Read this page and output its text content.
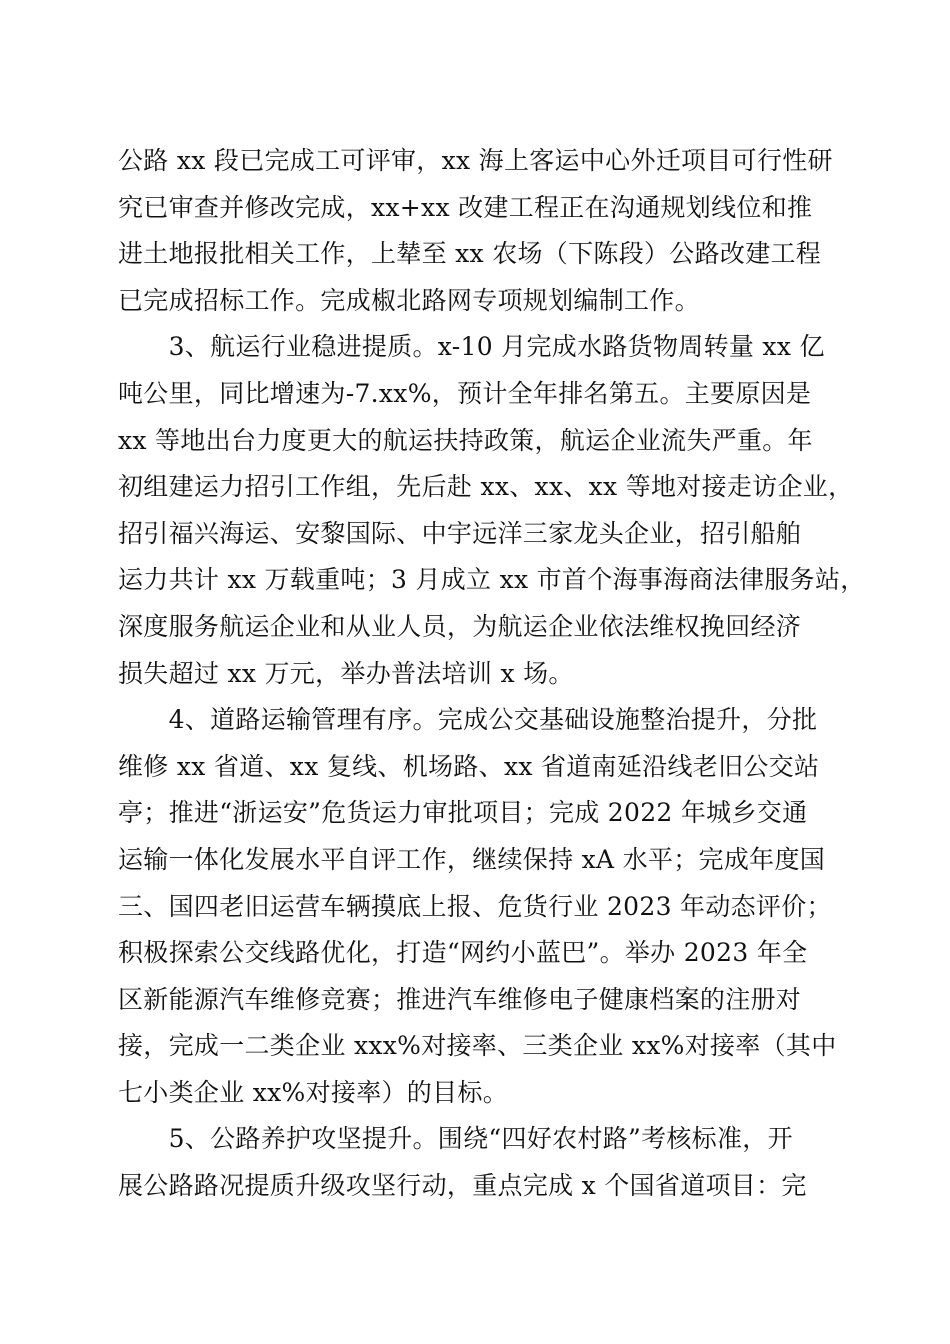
公路 xx 段已完成工可评审，xx 海上客运中心外迁项目可行性研
究已审查并修改完成，xx+xx 改建工程正在沟通规划线位和推
进土地报批相关工作，上辇至 xx 农场（下陈段）公路改建工程
已完成招标工作。完成椒北路网专项规划编制工作。
　　3、航运行业稳进提质。x-10 月完成水路货物周转量 xx 亿
吨公里，同比增速为-7.xx%，预计全年排名第五。主要原因是
xx 等地出台力度更大的航运扶持政策，航运企业流失严重。年
初组建运力招引工作组，先后赴 xx、xx、xx 等地对接走访企业，
招引福兴海运、安黎国际、中宇远洋三家龙头企业，招引船舶
运力共计 xx 万载重吨；3 月成立 xx 市首个海事海商法律服务站，
深度服务航运企业和从业人员，为航运企业依法维权挽回经济
损失超过 xx 万元，举办普法培训 x 场。
　　4、道路运输管理有序。完成公交基础设施整治提升，分批
维修 xx 省道、xx 复线、机场路、xx 省道南延沿线老旧公交站
亭；推进“浙运安”危货运力审批项目；完成 2022 年城乡交通
运输一体化发展水平自评工作，继续保持 xA 水平；完成年度国
三、国四老旧运营车辆摸底上报、危货行业 2023 年动态评价；
积极探索公交线路优化，打造“网约小蓝巴”。举办 2023 年全
区新能源汽车维修竞赛；推进汽车维修电子健康档案的注册对
接，完成一二类企业 xxx%对接率、三类企业 xx%对接率（其中
七小类企业 xx%对接率）的目标。
　　5、公路养护攻坚提升。围绕“四好农村路”考核标准，开
展公路路况提质升级攻坚行动，重点完成 x 个国省道项目：完
